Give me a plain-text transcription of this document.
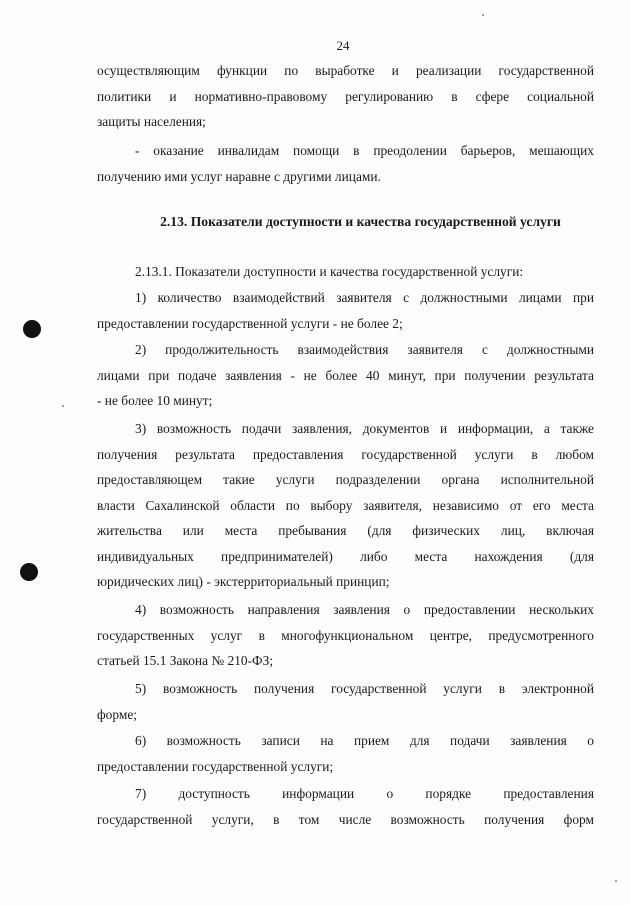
24
осуществляющим функции по выработке и реализации государственной
политики и нормативно-правовому регулированию в сфере социальной
защиты населения;
- оказание инвалидам помощи в преодолении барьеров, мешающих
получению ими услуг наравне с другими лицами.
2.13. Показатели доступности и качества государственной услуги
2.13.1. Показатели доступности и качества государственной услуги:
1) количество взаимодействий заявителя с должностными лицами при
предоставлении государственной услуги - не более 2;
2) продолжительность взаимодействия заявителя с должностными
лицами при подаче заявления - не более 40 минут, при получении результата
- не более 10 минут;
3) возможность подачи заявления, документов и информации, а также
получения результата предоставления государственной услуги в любом
предоставляющем такие услуги подразделении органа исполнительной
власти Сахалинской области по выбору заявителя, независимо от его места
жительства или места пребывания (для физических лиц, включая
индивидуальных предпринимателей) либо места нахождения (для
юридических лиц) - экстерриториальный принцип;
4) возможность направления заявления о предоставлении нескольких
государственных услуг в многофункциональном центре, предусмотренного
статьей 15.1 Закона № 210-ФЗ;
5) возможность получения государственной услуги в электронной
форме;
6) возможность записи на прием для подачи заявления о
предоставлении государственной услуги;
7) доступность информации о порядке предоставления
государственной услуги, в том числе возможность получения форм
